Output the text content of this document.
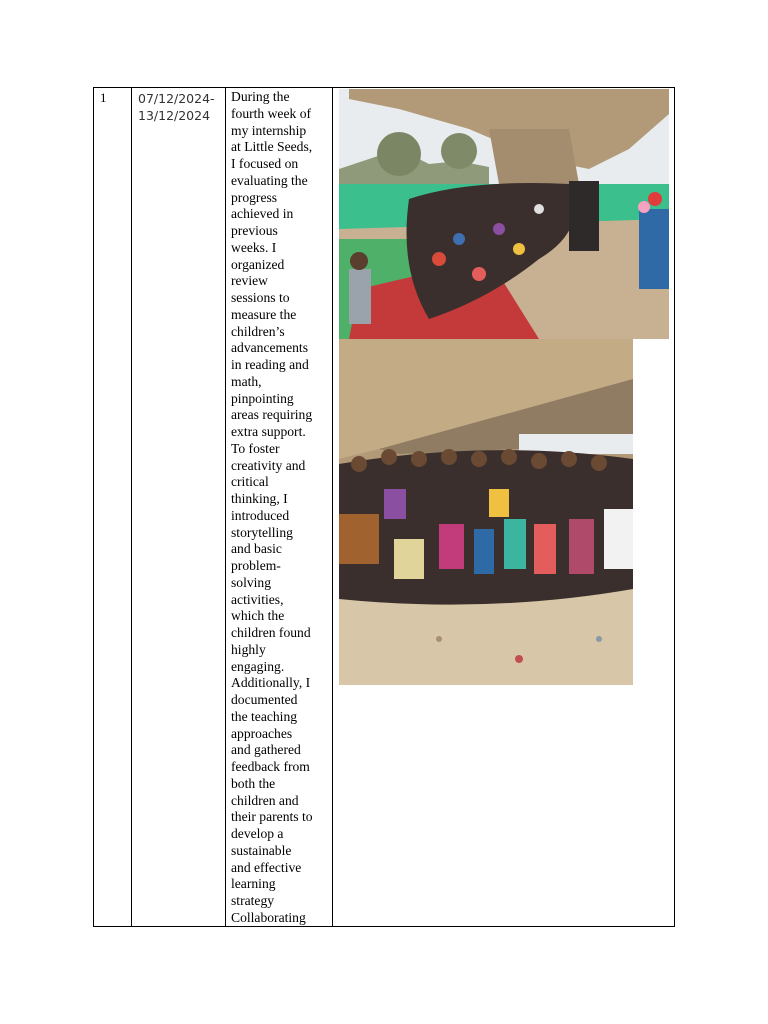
1	07/12/2024-
13/12/2024
During the
fourth week of
my internship
at Little Seeds,
I focused on
evaluating the
progress
achieved in
previous
weeks. I
organized
review
sessions to
measure the
children’s
advancements
in reading and
math,
pinpointing
areas requiring
extra support.
To foster
creativity and
critical
thinking, I
introduced
storytelling
and basic
problem-
solving
activities,
which the
children found
highly
engaging.
Additionally, I
documented
the teaching
approaches
and gathered
feedback from
both the
children and
their parents to
develop a
sustainable
and effective
learning
strategy
Collaborating
